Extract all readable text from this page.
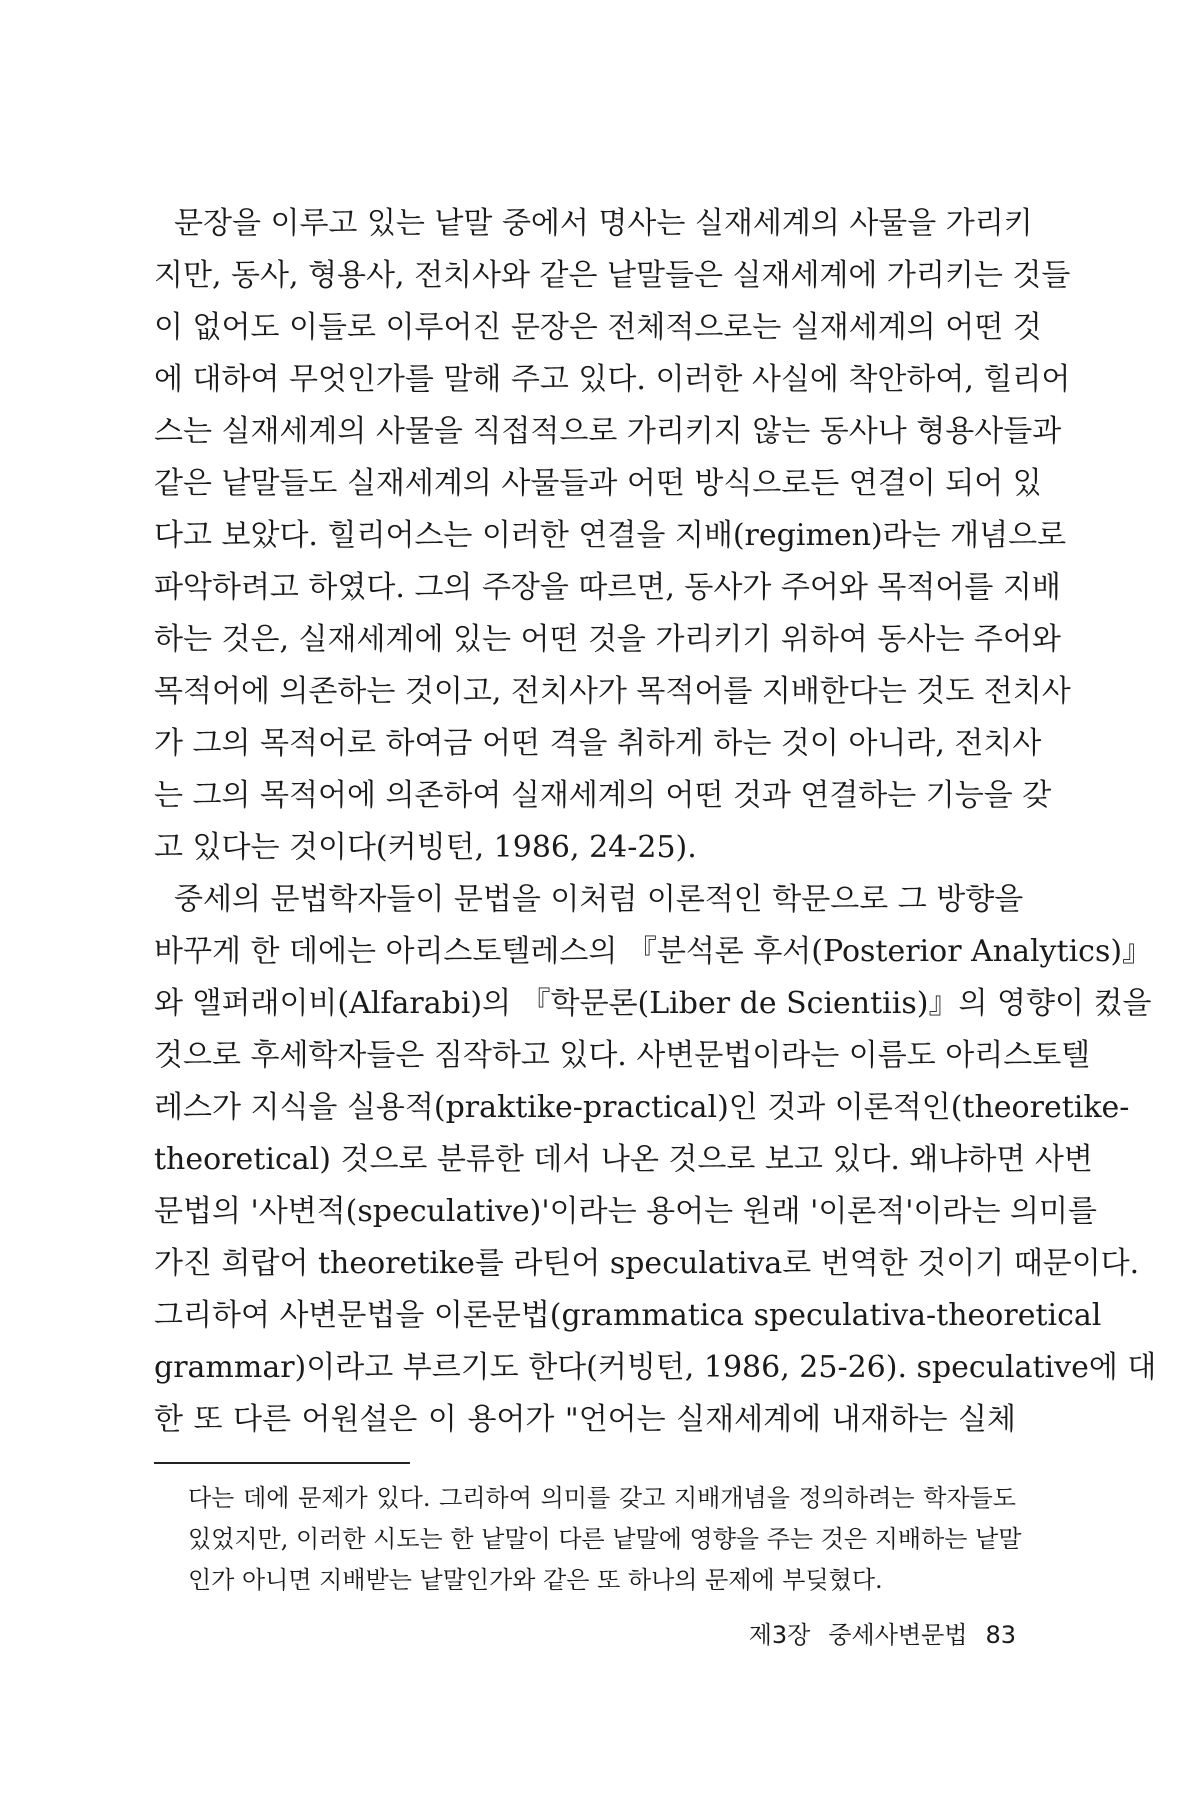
문장을 이루고 있는 낱말 중에서 명사는 실재세계의 사물을 가리키
지만, 동사, 형용사, 전치사와 같은 낱말들은 실재세계에 가리키는 것들
이 없어도 이들로 이루어진 문장은 전체적으로는 실재세계의 어떤 것
에 대하여 무엇인가를 말해 주고 있다. 이러한 사실에 착안하여, 힐리어
스는 실재세계의 사물을 직접적으로 가리키지 않는 동사나 형용사들과
같은 낱말들도 실재세계의 사물들과 어떤 방식으로든 연결이 되어 있
다고 보았다. 힐리어스는 이러한 연결을 지배(regimen)라는 개념으로
파악하려고 하였다. 그의 주장을 따르면, 동사가 주어와 목적어를 지배
하는 것은, 실재세계에 있는 어떤 것을 가리키기 위하여 동사는 주어와
목적어에 의존하는 것이고, 전치사가 목적어를 지배한다는 것도 전치사
가 그의 목적어로 하여금 어떤 격을 취하게 하는 것이 아니라, 전치사
는 그의 목적어에 의존하여 실재세계의 어떤 것과 연결하는 기능을 갖
고 있다는 것이다(커빙턴, 1986, 24-25).
중세의 문법학자들이 문법을 이처럼 이론적인 학문으로 그 방향을
바꾸게 한 데에는 아리스토텔레스의 『분석론 후서(Posterior Analytics)』
와 앨퍼래이비(Alfarabi)의 『학문론(Liber de Scientiis)』의 영향이 컸을
것으로 후세학자들은 짐작하고 있다. 사변문법이라는 이름도 아리스토텔
레스가 지식을 실용적(praktike-practical)인 것과 이론적인(theoretike-
theoretical) 것으로 분류한 데서 나온 것으로 보고 있다. 왜냐하면 사변
문법의 '사변적(speculative)'이라는 용어는 원래 '이론적'이라는 의미를
가진 희랍어 theoretike를 라틴어 speculativa로 번역한 것이기 때문이다.
그리하여 사변문법을 이론문법(grammatica speculativa-theoretical
grammar)이라고 부르기도 한다(커빙턴, 1986, 25-26). speculative에 대
한 또 다른 어원설은 이 용어가 "언어는 실재세계에 내재하는 실체
다는 데에 문제가 있다. 그리하여 의미를 갖고 지배개념을 정의하려는 학자들도
있었지만, 이러한 시도는 한 낱말이 다른 낱말에 영향을 주는 것은 지배하는 낱말
인가 아니면 지배받는 낱말인가와 같은 또 하나의 문제에 부딪혔다.
제3장 중세사변문법 83
